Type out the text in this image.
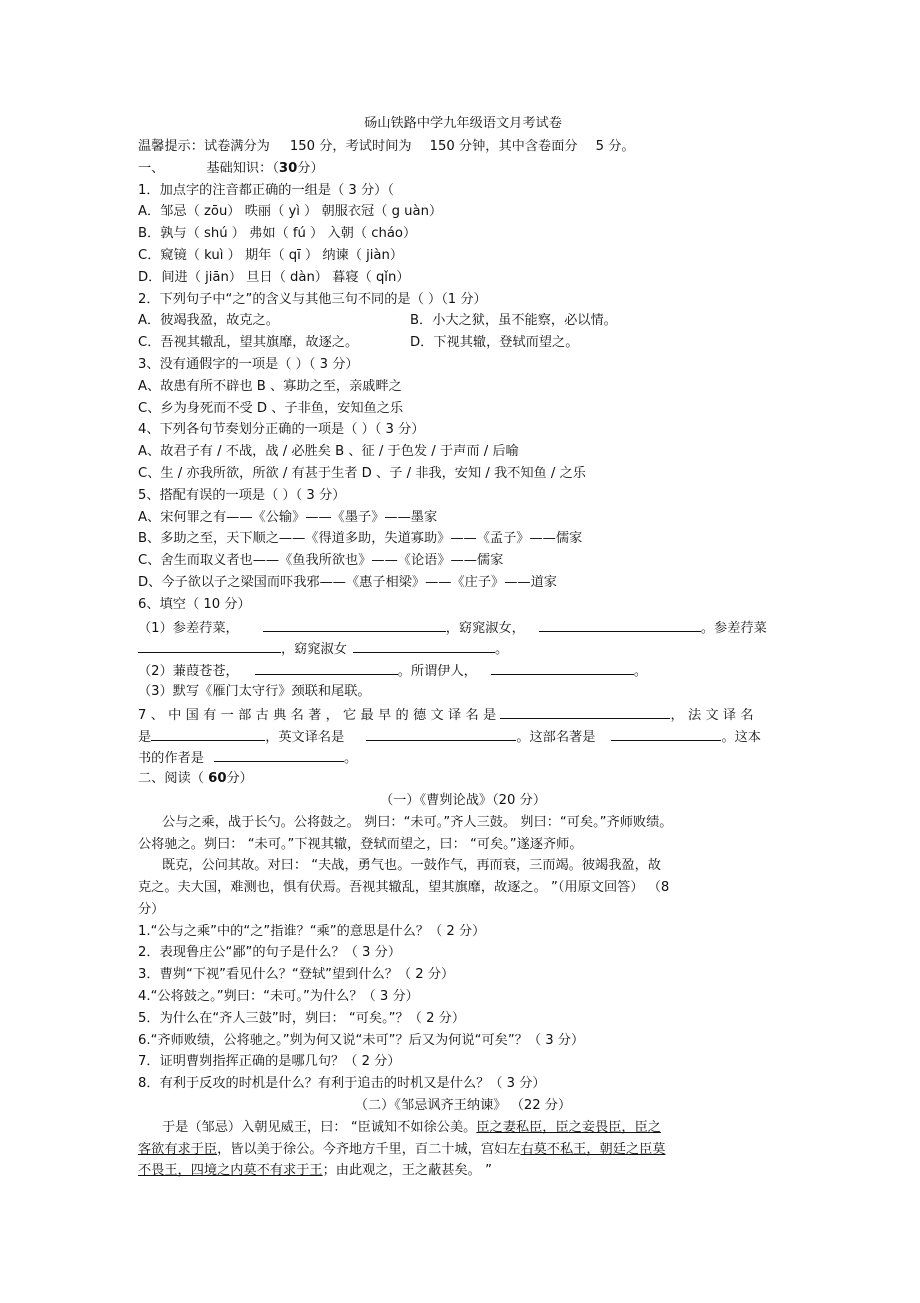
砀山铁路中学九年级语文月考试卷
温馨提示：试卷满分为 150 分，考试时间为 150 分钟，其中含卷面分 5 分。
一、	基础知识：（30分）
1．加点字的注音都正确的一组是（ 3 分）（
A．邹忌（ zōu） 昳丽（ yì ） 朝服衣冠（ g uàn）
B．孰与（ shú ） 弗如（ fú ） 入朝（ cháo）
C．窥镜（ kuì ） 期年（ qī ） 纳谏（ jiàn）
D．间进（ jiān） 旦日（ dàn） 暮寝（ qǐn）
2．下列句子中“之”的含义与其他三句不同的是（ ）（1 分）
A．彼竭我盈，故克之。	B．小大之狱，虽不能察，必以情。
C．吾视其辙乱，望其旗靡，故逐之。	D．下视其辙，登轼而望之。
3、没有通假字的一项是（ ）（ 3 分）
A、故患有所不辟也 B 、寡助之至，亲戚畔之
C、乡为身死而不受 D 、子非鱼，安知鱼之乐
4、下列各句节奏划分正确的一项是（ ）（ 3 分）
A、故君子有 / 不战，战 / 必胜矣 B 、征 / 于色发 / 于声而 / 后喻
C、生 / 亦我所欲，所欲 / 有甚于生者 D 、子 / 非我，安知 / 我不知鱼 / 之乐
5、搭配有误的一项是（ ）（ 3 分）
A、宋何罪之有——《公输》——《墨子》——墨家
B、多助之至，天下顺之——《得道多助，失道寡助》——《孟子》——儒家
C、舍生而取义者也——《鱼我所欲也》——《论语》——儒家
D、今子欲以子之梁国而吓我邪——《惠子相梁》——《庄子》——道家
6、填空（ 10 分）
（1）参差荇菜，	，窈窕淑女，	。参差荇菜
，窈窕淑女	。
（2）蒹葭苍苍，	。所谓伊人，	。
（3）默写《雁门太守行》颈联和尾联。
7、中国有一部古典名著，它最早的德文译名是	，法文译名
是	，英文译名是	。这部名著是	。这本
书的作者是	。
二、阅读（ 60分）
（一）《曹刿论战》（20 分）
公与之乘，战于长勺。公将鼓之。 刿曰：“未可。”齐人三鼓。 刿曰：“可矣。”齐师败绩。
公将驰之。刿曰： “未可。”下视其辙，登轼而望之，曰： “可矣。”遂逐齐师。
既克，公问其故。对曰： “夫战，勇气也。一鼓作气，再而衰，三而竭。彼竭我盈，故
克之。夫大国，难测也，惧有伏焉。吾视其辙乱，望其旗靡，故逐之。 ”（用原文回答） （8
分）
1.“公与之乘”中的“之”指谁？“乘”的意思是什么？（ 2 分）
2．表现鲁庄公“鄙”的句子是什么？（ 3 分）
3．曹刿“下视”看见什么？“登轼”望到什么？（ 2 分）
4.“公将鼓之。”刿曰：“未可。”为什么？（ 3 分）
5．为什么在“齐人三鼓”时，刿曰： “可矣。”？（ 2 分）
6.“齐师败绩，公将驰之。”刿为何又说“未可”？后又为何说“可矣”？（ 3 分）
7．证明曹刿指挥正确的是哪几句？（ 2 分）
8．有利于反攻的时机是什么？有利于追击的时机又是什么？（ 3 分）
（二）《邹忌讽齐王纳谏》 （22 分）
于是（邹忌）入朝见威王，曰： “臣诚知不如徐公美。臣之妻私臣，臣之妾畏臣，臣之
客欲有求于臣，皆以美于徐公。今齐地方千里，百二十城，宫妇左右莫不私王，朝廷之臣莫
不畏王，四境之内莫不有求于王；由此观之，王之蔽甚矣。 ”
